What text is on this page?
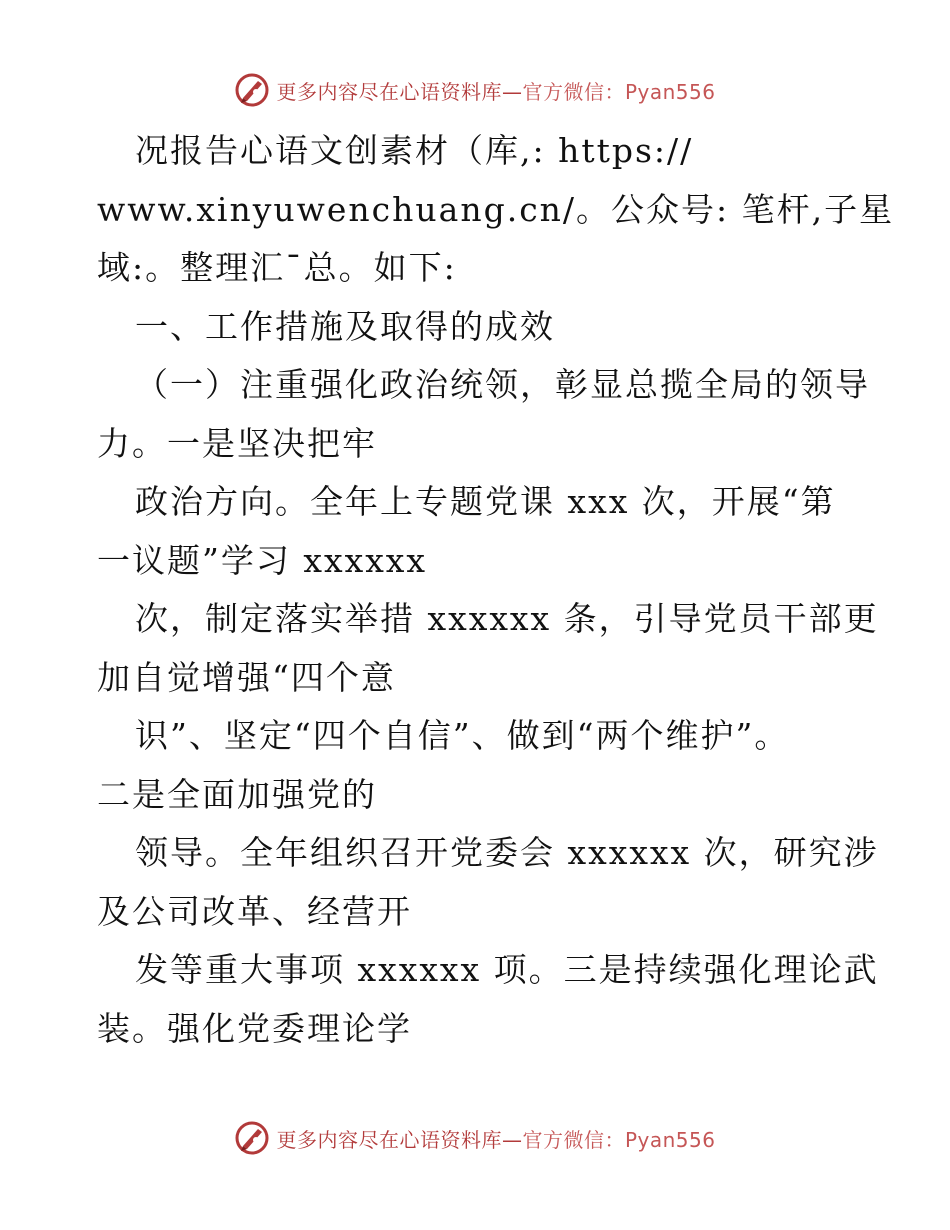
更多内容尽在心语资料库—官方微信：Pyan556
况报告心语文创素材（库,: https://
www.xinyuwenchuang.cn/。公众号: 笔杆,子星
域:。整理汇¯总。如下:
一、工作措施及取得的成效
（一）注重强化政治统领，彰显总揽全局的领导
力。一是坚决把牢
政治方向。全年上专题党课 xxx 次，开展“第
一议题”学习 xxxxxx
次，制定落实举措 xxxxxx 条，引导党员干部更
加自觉增强“四个意
识”、坚定“四个自信”、做到“两个维护”。
二是全面加强党的
领导。全年组织召开党委会 xxxxxx 次，研究涉
及公司改革、经营开
发等重大事项 xxxxxx 项。三是持续强化理论武
装。强化党委理论学
更多内容尽在心语资料库—官方微信：Pyan556
